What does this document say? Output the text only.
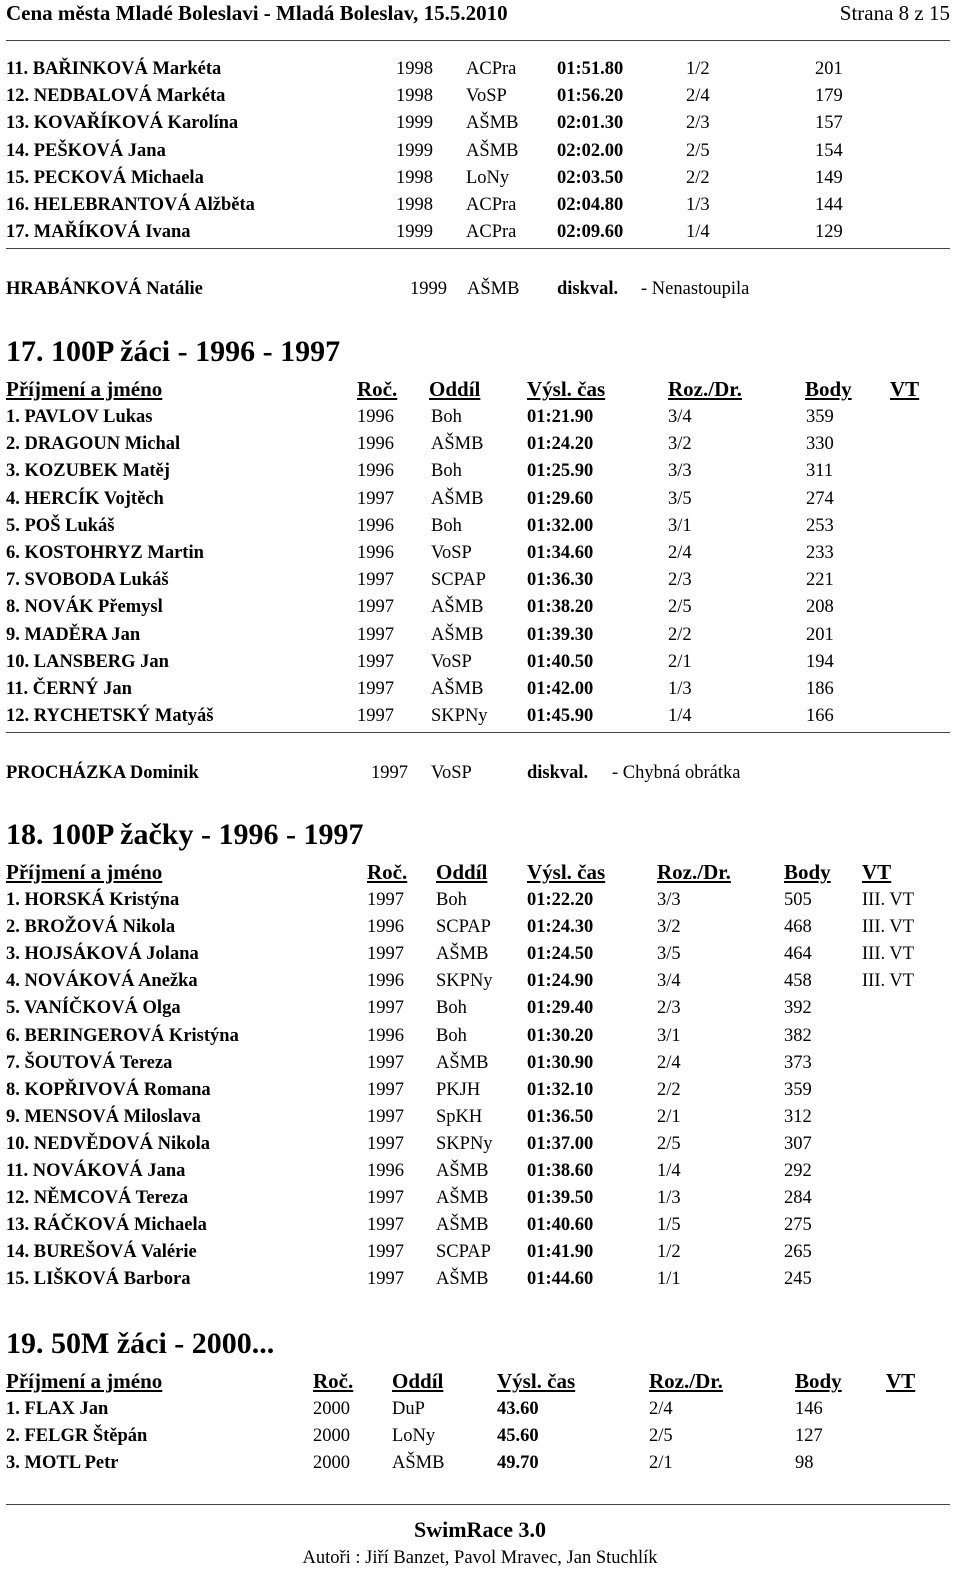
Cena města Mladé Boleslavi - Mladá Boleslav, 15.5.2010	Strana 8 z 15
11. BAŘINKOVÁ Markéta	1998 ACPra 01:51.80	1/2	201
12. NEDBALOVÁ Markéta	1998 VoSP	01:56.20	2/4	179
13. KOVAŘÍKOVÁ Karolína	1999 AŠMB 02:01.30	2/3	157
14. PEŠKOVÁ Jana	1999 AŠMB 02:02.00	2/5	154
15. PECKOVÁ Michaela	1998 LoNy	02:03.50	2/2	149
16. HELEBRANTOVÁ Alžběta	1998 ACPra 02:04.80	1/3	144
17. MAŘÍKOVÁ Ivana	1999 ACPra 02:09.60	1/4	129
HRABÁNKOVÁ Natálie	1999 AŠMB diskval. - Nenastoupila
17. 100P žáci - 1996 - 1997
Příjmení a jméno	Roč. Oddíl Výsl. čas	Roz./Dr.	Body VT
1. PAVLOV Lukas	1996 Boh	01:21.90	3/4	359
2. DRAGOUN Michal	1996 AŠMB 01:24.20	3/2	330
3. KOZUBEK Matěj	1996 Boh	01:25.90	3/3	311
4. HERCÍK Vojtěch	1997 AŠMB 01:29.60	3/5	274
5. POŠ Lukáš	1996 Boh	01:32.00	3/1	253
6. KOSTOHRYZ Martin	1996 VoSP	01:34.60	2/4	233
7. SVOBODA Lukáš	1997 SCPAP 01:36.30	2/3	221
8. NOVÁK Přemysl	1997 AŠMB 01:38.20	2/5	208
9. MADĚRA Jan	1997 AŠMB 01:39.30	2/2	201
10. LANSBERG Jan	1997 VoSP	01:40.50	2/1	194
11. ČERNÝ Jan	1997 AŠMB 01:42.00	1/3	186
12. RYCHETSKÝ Matyáš	1997 SKPNy 01:45.90	1/4	166
PROCHÁZKA Dominik	1997 VoSP	diskval. - Chybná obrátka
18. 100P žačky - 1996 - 1997
Příjmení a jméno	Roč. Oddíl Výsl. čas Roz./Dr.	Body VT
1. HORSKÁ Kristýna	1997 Boh	01:22.20	3/3	505	III. VT
2. BROŽOVÁ Nikola	1996 SCPAP 01:24.30	3/2	468	III. VT
3. HOJSÁKOVÁ Jolana	1997 AŠMB 01:24.50	3/5	464	III. VT
4. NOVÁKOVÁ Anežka	1996 SKPNy 01:24.90	3/4	458	III. VT
5. VANÍČKOVÁ Olga	1997 Boh	01:29.40	2/3	392
6. BERINGEROVÁ Kristýna	1996 Boh	01:30.20	3/1	382
7. ŠOUTOVÁ Tereza	1997 AŠMB 01:30.90	2/4	373
8. KOPŘIVOVÁ Romana	1997 PKJH	01:32.10	2/2	359
9. MENSOVÁ Miloslava	1997 SpKH 01:36.50	2/1	312
10. NEDVĚDOVÁ Nikola	1997 SKPNy 01:37.00	2/5	307
11. NOVÁKOVÁ Jana	1996 AŠMB 01:38.60	1/4	292
12. NĚMCOVÁ Tereza	1997 AŠMB 01:39.50	1/3	284
13. RÁČKOVÁ Michaela	1997 AŠMB 01:40.60	1/5	275
14. BUREŠOVÁ Valérie	1997 SCPAP 01:41.90	1/2	265
15. LIŠKOVÁ Barbora	1997 AŠMB 01:44.60	1/1	245
19. 50M žáci - 2000...
Příjmení a jméno	Roč. Oddíl	Výsl. čas	Roz./Dr.	Body VT
1. FLAX Jan	2000 DuP	43.60	2/4	146
2. FELGR Štěpán	2000 LoNy	45.60	2/5	127
3. MOTL Petr	2000 AŠMB	49.70	2/1	98
SwimRace 3.0
Autoři : Jiří Banzet, Pavol Mravec, Jan Stuchlík
